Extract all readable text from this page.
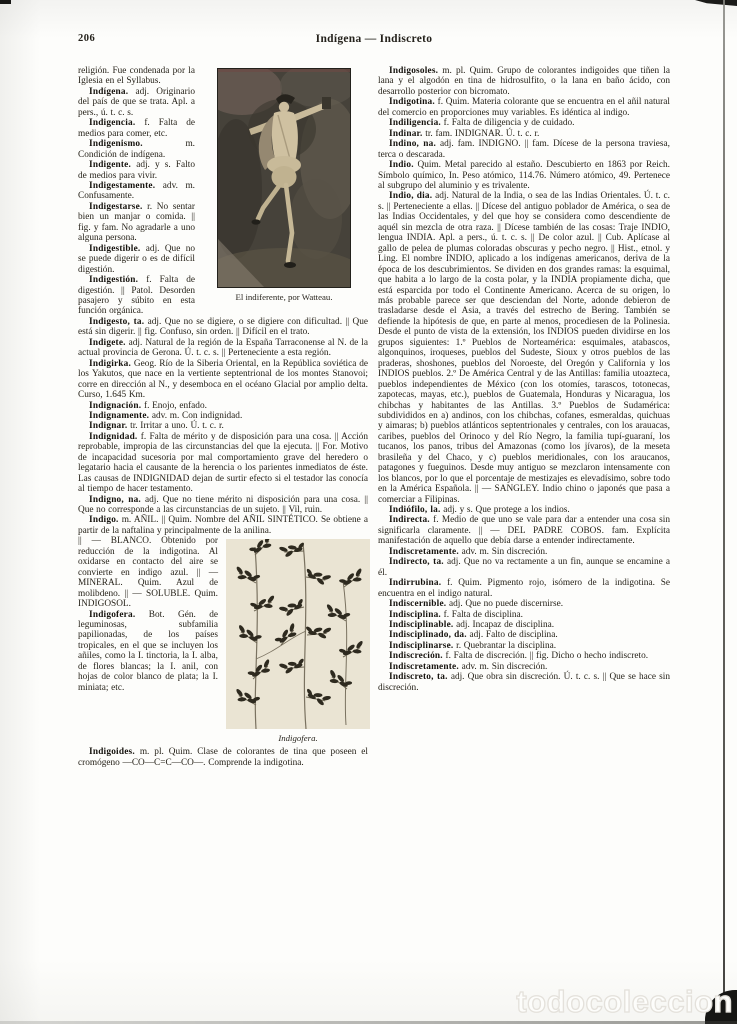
206	Indígena — Indiscreto
El indiferente, por Watteau.

religión. Fue condenada por la Iglesia en el Syllabus.

Indígena. adj. Originario del país de que se trata. Apl. a pers., ú. t. c. s.

Indigencia. f. Falta de medios para comer, etc.

Indigenismo.	m. Condición de indígena.

Indigente. adj. y s. Falto de medios para vivir.

Indigestamente. adv. m. Confusamente.

Indigestarse. r. No sentar bien un manjar o comida. || fig. y fam. No agradarle a uno alguna persona.

Indigestible. adj. Que no se puede digerir o es de difícil digestión.

Indigestión. f. Falta de digestión. || Patol. Desorden pasajero y súbito en esta función orgánica.

Indigesto, ta. adj. Que no se digiere, o se digiere con dificultad. || Que está sin digerir. || fig. Confuso, sin orden. || Difícil en el trato.

Indigete. adj. Natural de la región de la España Tarraconense al N. de la actual provincia de Gerona. Ú. t. c. s. || Perteneciente a esta región.

Indigirka. Geog. Río de la Siberia Oriental, en la República soviética de los Yakutos, que nace en la vertiente septentrional de los montes Stanovoi; corre en dirección al N., y desemboca en el océano Glacial por amplio delta. Curso, 1.645 Km.

Indignación. f. Enojo, enfado.

Indignamente. adv. m. Con indignidad.

Indignar. tr. Irritar a uno. Ú. t. c. r.

Indignidad. f. Falta de mérito y de disposición para una cosa. || Acción reprobable, impropia de las circunstancias del que la ejecuta. || For. Motivo de incapacidad sucesoria por mal comportamiento grave del heredero o legatario hacia el causante de la herencia o los parientes inmediatos de éste. Las causas de INDIGNIDAD dejan de surtir efecto si el testador las conocía al tiempo de hacer testamento.

Indigno, na. adj. Que no tiene mérito ni disposición para una cosa. || Que no corresponde a las circunstancias de un sujeto. || Vil, ruin.

Indigo. m. AÑIL. || Quim. Nombre del AÑIL SINTÉTICO. Se obtiene a partir de la naftalina y principalmente de la anilina.

Indigofera.

|| — BLANCO. Obtenido por reducción de la indigotina. Al oxidarse en contacto del aire se convierte en indigo azul. || — MINERAL. Quim. Azul de molibdeno. || — SOLUBLE. Quim. INDIGOSOL.

Indigofera. Bot. Gén. de leguminosas, subfamilia papilionadas, de los países tropicales, en el que se incluyen los añiles, como la I. tinctoria, la I. alba, de flores blancas; la I. anil, con hojas de color blanco de plata; la I. miniata; etc.

Indigoides. m. pl. Quim. Clase de colorantes de tina que poseen el cromógeno —CO—C=C—CO—. Comprende la indigotina.

Indigosoles. m. pl. Quim. Grupo de colorantes indigoides que tiñen la lana y el algodón en tina de hidrosulfito, o la lana en baño ácido, con desarrollo posterior con bicromato.

Indigotina. f. Quim. Materia colorante que se encuentra en el añil natural del comercio en proporciones muy variables. Es idéntica al indigo.

Indiligencia. f. Falta de diligencia y de cuidado.

Indinar. tr. fam. INDIGNAR. Ú. t. c. r.

Indino, na. adj. fam. INDIGNO. || fam. Dícese de la persona traviesa, terca o descarada.

Indio. Quim. Metal parecido al estaño. Descubierto en 1863 por Reich. Símbolo químico, In. Peso atómico, 114.76. Número atómico, 49. Pertenece al subgrupo del aluminio y es trivalente.

Indio, dia. adj. Natural de la India, o sea de las Indias Orientales. Ú. t. c. s. || Perteneciente a ellas. || Dícese del antiguo poblador de América, o sea de las Indias Occidentales, y del que hoy se considera como descendiente de aquél sin mezcla de otra raza. || Dícese también de las cosas: Traje INDIO, lengua INDIA. Apl. a pers., ú. t. c. s. || De color azul. || Cub. Aplícase al gallo de pelea de plumas coloradas obscuras y pecho negro. || Hist., etnol. y Ling. El nombre INDIO, aplicado a los indígenas americanos, deriva de la época de los descubrimientos. Se dividen en dos grandes ramas: la esquimal, que habita a lo largo de la costa polar, y la INDIA propiamente dicha, que está esparcida por todo el Continente Americano. Acerca de su origen, lo más probable parece ser que desciendan del Norte, adonde debieron de trasladarse desde el Asia, a través del estrecho de Bering. También se defiende la hipótesis de que, en parte al menos, procediesen de la Polinesia. Desde el punto de vista de la extensión, los INDIOS pueden dividirse en los grupos siguientes: 1.º Pueblos de Norteamérica: esquimales, atabascos, algonquinos, iroqueses, pueblos del Sudeste, Sioux y otros pueblos de las praderas, shoshones, pueblos del Noroeste, del Oregón y California y los INDIOS pueblos. 2.º De América Central y de las Antillas: familia utoazteca, pueblos independientes de México (con los otomíes, tarascos, totonecas, zapotecas, mayas, etc.), pueblos de Guatemala, Honduras y Nicaragua, los chibchas y habitantes de las Antillas. 3.º Pueblos de Sudamérica: subdivididos en a) andinos, con los chibchas, cofanes, esmeraldas, quichuas y aimaras; b) pueblos atlánticos septentrionales y centrales, con los arauacas, caribes, pueblos del Orinoco y del Río Negro, la familia tupí-guaraní, los tucanos, los panos, tribus del Amazonas (como los jívaros), de la meseta brasileña y del Chaco, y c) pueblos meridionales, con los araucanos, patagones y fueguinos. Desde muy antiguo se mezclaron intensamente con los blancos, por lo que el porcentaje de mestizajes es elevadísimo, sobre todo en la América Española. || — SANGLEY. Indio chino o japonés que pasa a comerciar a Filipinas.

Indiófilo, la. adj. y s. Que protege a los indios.

Indirecta. f. Medio de que uno se vale para dar a entender una cosa sin significarla claramente. || — DEL PADRE COBOS. fam. Explícita manifestación de aquello que debía darse a entender indirectamente.

Indiscretamente. adv. m. Sin discreción.

Indirecto, ta. adj. Que no va rectamente a un fin, aunque se encamine a él.

Indirrubina. f. Quim. Pigmento rojo, isómero de la indigotina. Se encuentra en el indigo natural.

Indiscernible. adj. Que no puede discernirse.

Indisciplina. f. Falta de disciplina.

Indisciplinable. adj. Incapaz de disciplina.

Indisciplinado, da. adj. Falto de disciplina.

Indisciplinarse. r. Quebrantar la disciplina.

Indiscreción. f. Falta de discreción. || fig. Dicho o hecho indiscreto.

Indiscretamente. adv. m. Sin discreción.

Indiscreto, ta. adj. Que obra sin discreción. Ú. t. c. s. || Que se hace sin discreción.

todocoleccion
